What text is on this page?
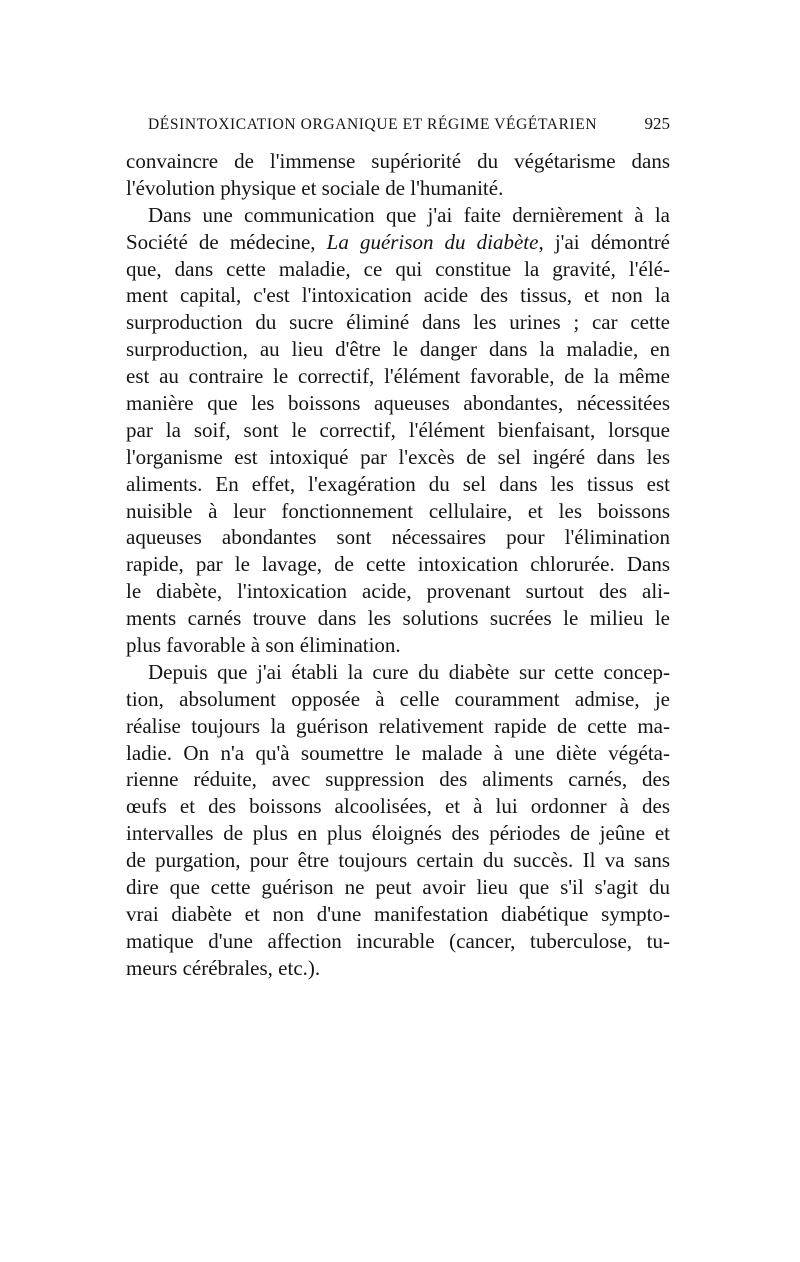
DÉSINTOXICATION ORGANIQUE ET RÉGIME VÉGÉTARIEN	925
convaincre de l'immense supériorité du végétarisme dans
l'évolution physique et sociale de l'humanité.
Dans une communication que j'ai faite dernièrement à la
Société de médecine, La guérison du diabète, j'ai démontré
que, dans cette maladie, ce qui constitue la gravité, l'élé-
ment capital, c'est l'intoxication acide des tissus, et non la
surproduction du sucre éliminé dans les urines ; car cette
surproduction, au lieu d'être le danger dans la maladie, en
est au contraire le correctif, l'élément favorable, de la même
manière que les boissons aqueuses abondantes, nécessitées
par la soif, sont le correctif, l'élément bienfaisant, lorsque
l'organisme est intoxiqué par l'excès de sel ingéré dans les
aliments. En effet, l'exagération du sel dans les tissus est
nuisible à leur fonctionnement cellulaire, et les boissons
aqueuses abondantes sont nécessaires pour l'élimination
rapide, par le lavage, de cette intoxication chlorurée. Dans
le diabète, l'intoxication acide, provenant surtout des ali-
ments carnés trouve dans les solutions sucrées le milieu le
plus favorable à son élimination.
Depuis que j'ai établi la cure du diabète sur cette concep-
tion, absolument opposée à celle couramment admise, je
réalise toujours la guérison relativement rapide de cette ma-
ladie. On n'a qu'à soumettre le malade à une diète végéta-
rienne réduite, avec suppression des aliments carnés, des
œufs et des boissons alcoolisées, et à lui ordonner à des
intervalles de plus en plus éloignés des périodes de jeûne et
de purgation, pour être toujours certain du succès. Il va sans
dire que cette guérison ne peut avoir lieu que s'il s'agit du
vrai diabète et non d'une manifestation diabétique sympto-
matique d'une affection incurable (cancer, tuberculose, tu-
meurs cérébrales, etc.).
